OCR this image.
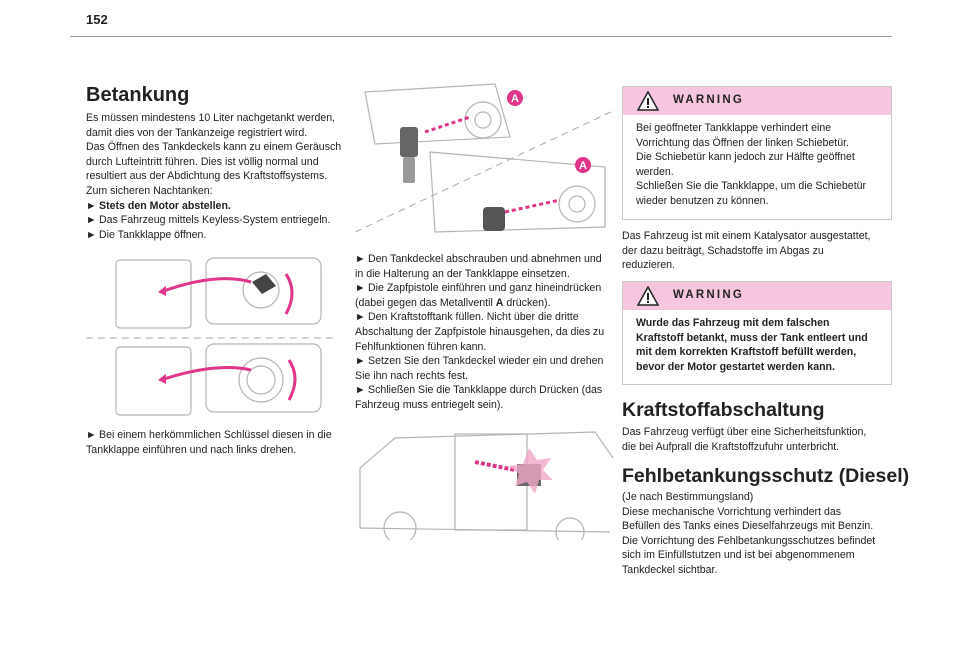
152
Betankung
Es müssen mindestens 10 Liter nachgetankt werden,
damit dies von der Tankanzeige registriert wird.
Das Öffnen des Tankdeckels kann zu einem Geräusch
durch Lufteintritt führen. Dies ist völlig normal und
resultiert aus der Abdichtung des Kraftstoffsystems.
Zum sicheren Nachtanken:
► Stets den Motor abstellen.
► Das Fahrzeug mittels Keyless-System entriegeln.
► Die Tankklappe öffnen.
► Bei einem herkömmlichen Schlüssel diesen in die
Tankklappe einführen und nach links drehen.
A
A
► Den Tankdeckel abschrauben und abnehmen und
in die Halterung an der Tankklappe einsetzen.
► Die Zapfpistole einführen und ganz hineindrücken
(dabei gegen das Metallventil A drücken).
► Den Kraftstofftank füllen. Nicht über die dritte
Abschaltung der Zapfpistole hinausgehen, da dies zu
Fehlfunktionen führen kann.
► Setzen Sie den Tankdeckel wieder ein und drehen
Sie ihn nach rechts fest.
► Schließen Sie die Tankklappe durch Drücken (das
Fahrzeug muss entriegelt sein).
WARNING
Bei geöffneter Tankklappe verhindert eine
Vorrichtung das Öffnen der linken Schiebetür.
Die Schiebetür kann jedoch zur Hälfte geöffnet
werden.
Schließen Sie die Tankklappe, um die Schiebetür
wieder benutzen zu können.
Das Fahrzeug ist mit einem Katalysator ausgestattet,
der dazu beiträgt, Schadstoffe im Abgas zu
reduzieren.
WARNING
Wurde das Fahrzeug mit dem falschen
Kraftstoff betankt, muss der Tank entleert und
mit dem korrekten Kraftstoff befüllt werden,
bevor der Motor gestartet werden kann.
Kraftstoffabschaltung
Das Fahrzeug verfügt über eine Sicherheitsfunktion,
die bei Aufprall die Kraftstoffzufuhr unterbricht.
Fehlbetankungsschutz (Diesel)
(Je nach Bestimmungsland)
Diese mechanische Vorrichtung verhindert das
Befüllen des Tanks eines Dieselfahrzeugs mit Benzin.
Die Vorrichtung des Fehlbetankungsschutzes befindet
sich im Einfüllstutzen und ist bei abgenommenem
Tankdeckel sichtbar.
